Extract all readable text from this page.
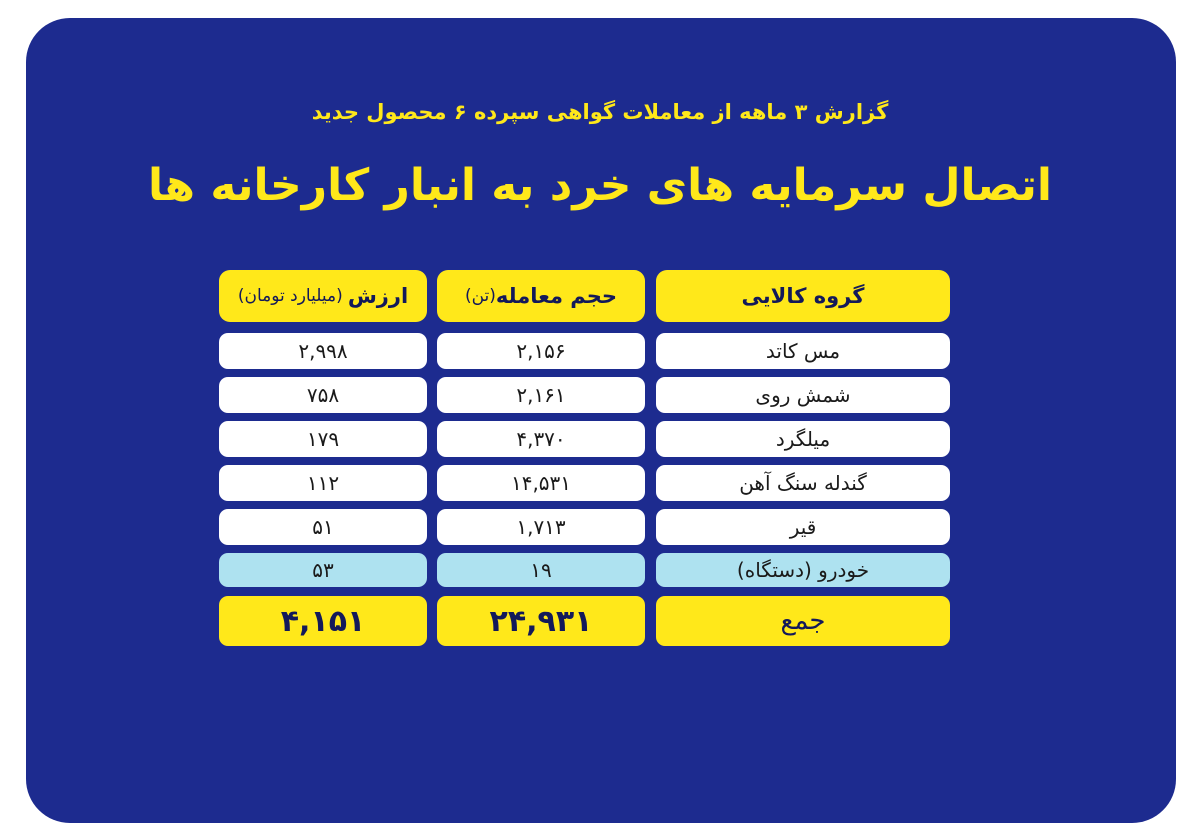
گزارش ۳ ماهه از معاملات گواهی سپرده ۶ محصول جدید
اتصال سرمایه های خرد به انبار کارخانه ها
گروه کالایی
حجم معامله
(تن)
ارزش

(میلیارد تومان)
مس کاتد
۲,۱۵۶
۲,۹۹۸
شمش روی
۲,۱۶۱
۷۵۸
میلگرد
۴,۳۷۰
۱۷۹
گندله سنگ آهن
۱۴,۵۳۱
۱۱۲
قیر
۱,۷۱۳
۵۱
خودرو (دستگاه)
۱۹
۵۳
جمع
۲۴,۹۳۱
۴,۱۵۱
